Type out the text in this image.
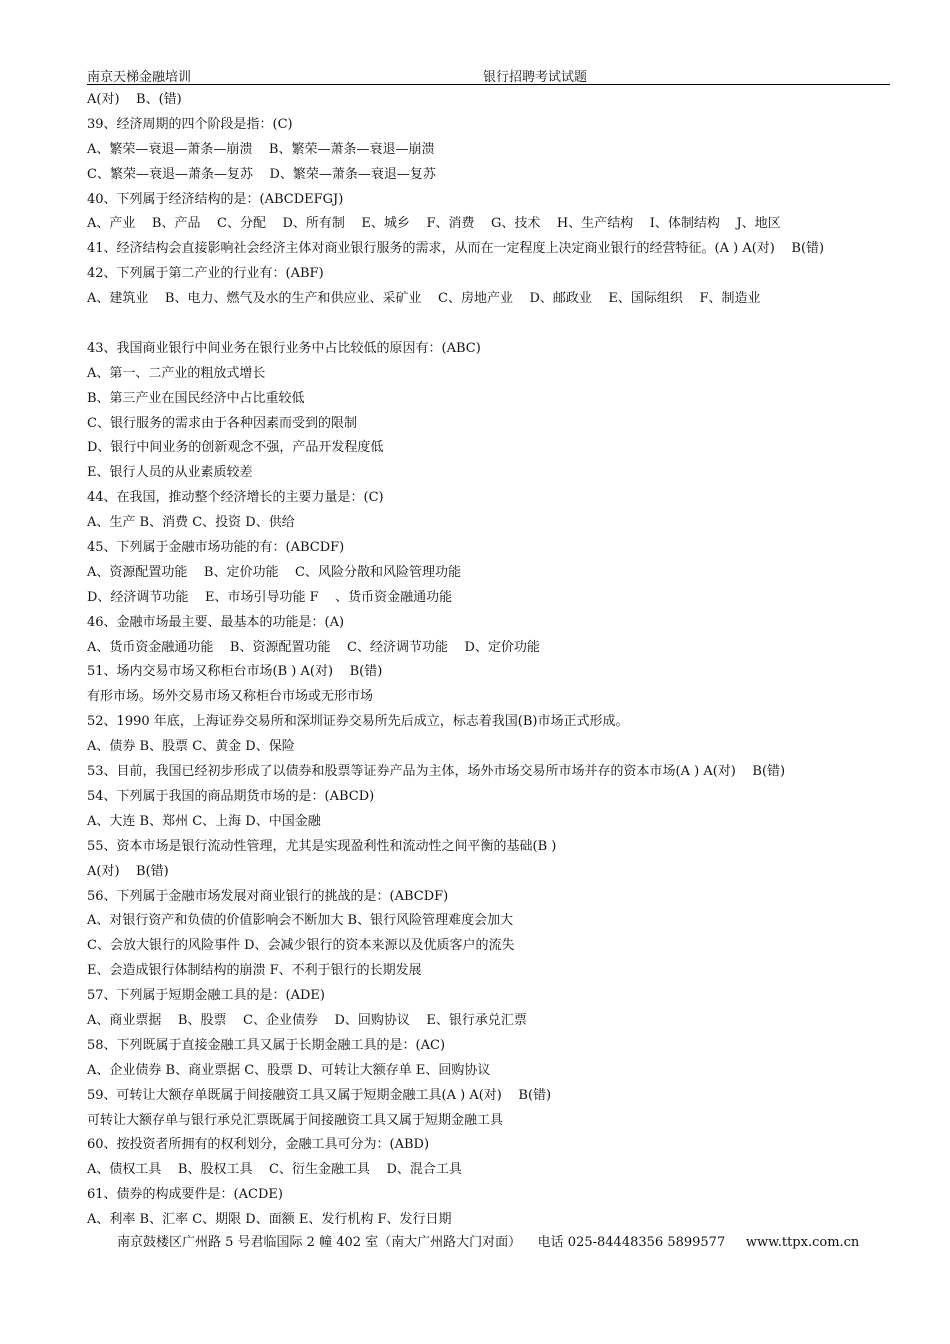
南京天梯金融培训	银行招聘考试试题
A(对)    B、(错)
39、经济周期的四个阶段是指：(C)
A、繁荣—衰退—萧条—崩溃    B、繁荣—萧条—衰退—崩溃
C、繁荣—衰退—萧条—复苏    D、繁荣—萧条—衰退—复苏
40、下列属于经济结构的是：(ABCDEFGJ)
A、产业    B、产品    C、分配    D、所有制    E、城乡    F、消费    G、技术    H、生产结构    I、体制结构    J、地区
41、经济结构会直接影响社会经济主体对商业银行服务的需求，从而在一定程度上决定商业银行的经营特征。(A ) A(对)    B(错)
42、下列属于第二产业的行业有：(ABF)
A、建筑业    B、电力、燃气及水的生产和供应业、采矿业    C、房地产业    D、邮政业    E、国际组织    F、制造业
43、我国商业银行中间业务在银行业务中占比较低的原因有：(ABC)
A、第一、二产业的粗放式增长
B、第三产业在国民经济中占比重较低
C、银行服务的需求由于各种因素而受到的限制
D、银行中间业务的创新观念不强，产品开发程度低
E、银行人员的从业素质较差
44、在我国，推动整个经济增长的主要力量是：(C)
A、生产 B、消费 C、投资 D、供给
45、下列属于金融市场功能的有：(ABCDF)
A、资源配置功能    B、定价功能    C、风险分散和风险管理功能
D、经济调节功能    E、市场引导功能 F    、货币资金融通功能
46、金融市场最主要、最基本的功能是：(A)
A、货币资金融通功能    B、资源配置功能    C、经济调节功能    D、定价功能
51、场内交易市场又称柜台市场(B ) A(对)    B(错)
有形市场。场外交易市场又称柜台市场或无形市场
52、1990 年底，上海证券交易所和深圳证券交易所先后成立，标志着我国(B)市场正式形成。
A、债券 B、股票 C、黄金 D、保险
53、目前，我国已经初步形成了以债券和股票等证券产品为主体，场外市场交易所市场并存的资本市场(A ) A(对)    B(错)
54、下列属于我国的商品期货市场的是：(ABCD)
A、大连 B、郑州 C、上海 D、中国金融
55、资本市场是银行流动性管理，尤其是实现盈利性和流动性之间平衡的基础(B )
A(对)    B(错)
56、下列属于金融市场发展对商业银行的挑战的是：(ABCDF)
A、对银行资产和负债的价值影响会不断加大 B、银行风险管理难度会加大
C、会放大银行的风险事件 D、会减少银行的资本来源以及优质客户的流失
E、会造成银行体制结构的崩溃 F、不利于银行的长期发展
57、下列属于短期金融工具的是：(ADE)
A、商业票据    B、股票    C、企业债券    D、回购协议    E、银行承兑汇票
58、下列既属于直接金融工具又属于长期金融工具的是：(AC)
A、企业债券 B、商业票据 C、股票 D、可转让大额存单 E、回购协议
59、可转让大额存单既属于间接融资工具又属于短期金融工具(A ) A(对)    B(错)
可转让大额存单与银行承兑汇票既属于间接融资工具又属于短期金融工具
60、按投资者所拥有的权利划分，金融工具可分为：(ABD)
A、债权工具    B、股权工具    C、衍生金融工具    D、混合工具
61、债券的构成要件是：(ACDE)
A、利率 B、汇率 C、期限 D、面额 E、发行机构 F、发行日期
南京鼓楼区广州路 5 号君临国际 2 幢 402 室（南大广州路大门对面）    电话 025-84448356 5899577     www.ttpx.com.cn
